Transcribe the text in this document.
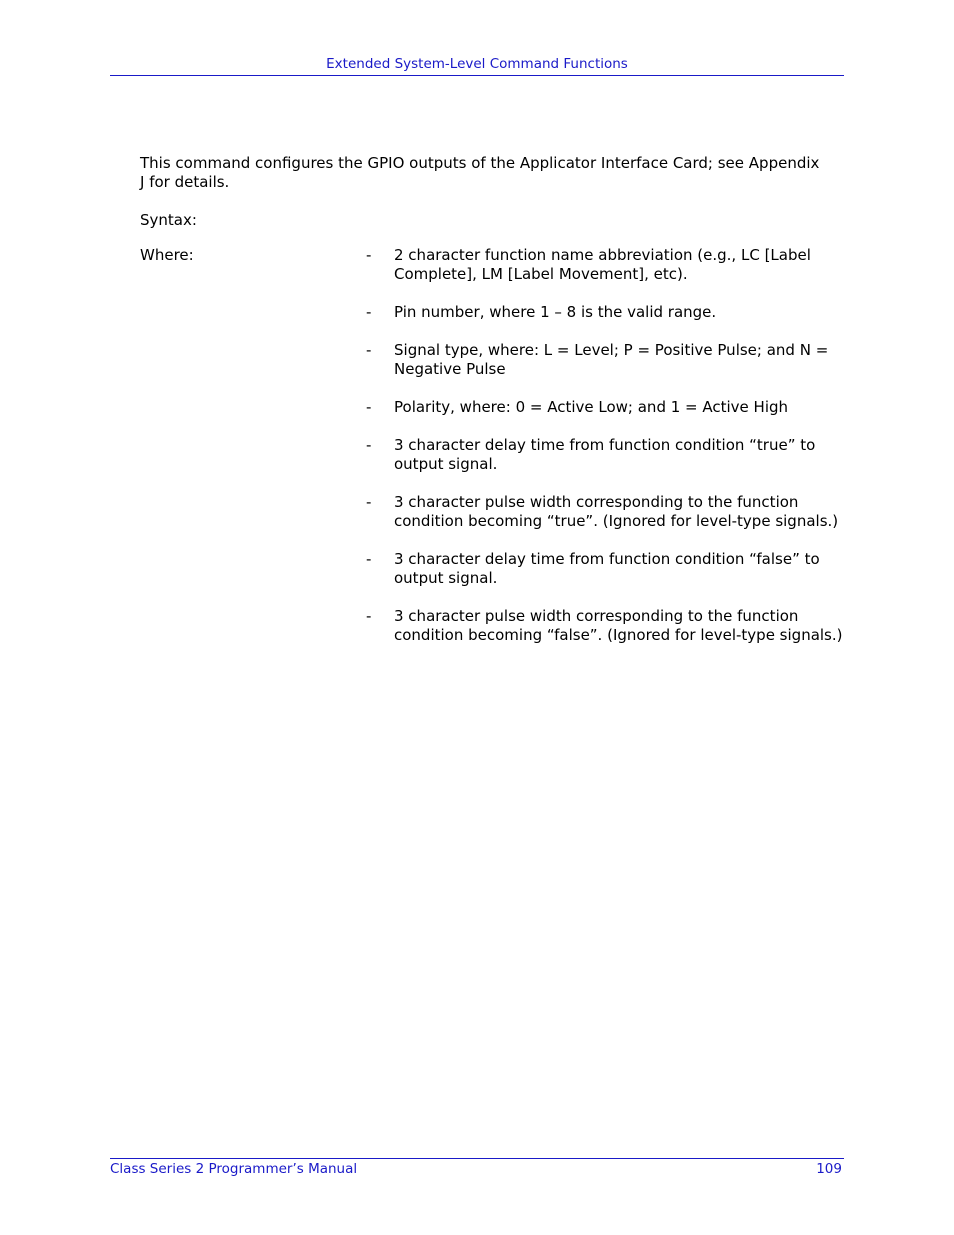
Extended System-Level Command Functions

This command configures the GPIO outputs of the Applicator Interface Card; see Appendix J for details.

Syntax:

Where:	-	2 character function name abbreviation (e.g., LC [Label Complete], LM [Label Movement], etc).
-	Pin number, where 1 – 8 is the valid range.
-	Signal type, where: L = Level; P = Positive Pulse; and N = Negative Pulse
-	Polarity, where: 0 = Active Low; and 1 = Active High
-	3 character delay time from function condition “true” to output signal.
-	3 character pulse width corresponding to the function condition becoming “true”. (Ignored for level-type signals.)
-	3 character delay time from function condition “false” to output signal.
-	3 character pulse width corresponding to the function condition becoming “false”. (Ignored for level-type signals.)
Class Series 2 Programmer’s Manual	109
